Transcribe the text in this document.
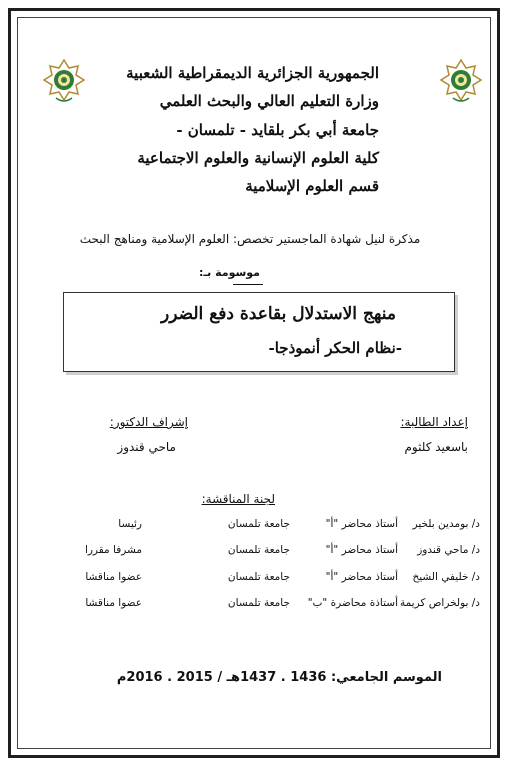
الجمهورية الجزائرية الديمقراطية الشعبية
وزارة التعليم العالي والبحث العلمي
جامعة أبي بكر بلقايد - تلمسان -
كلية العلوم الإنسانية والعلوم الاجتماعية
قسم العلوم الإسلامية
مذكرة لنيل شهادة الماجستير تخصص: العلوم الإسلامية ومناهج البحث
موسومة بـ:
منهج الاستدلال بقاعدة دفع الضرر
-نظام الحكر أنموذجا-
إعداد الطالبة:
باسعيد كلثوم
إشراف الدكتور:
ماحي قندوز
لجنة المناقشة:
د/ بومدين بلخير
أستاذ محاضر "أ"
جامعة تلمسان
رئيسا
د/ ماحي قندوز
أستاذ محاضر "أ"
جامعة تلمسان
مشرفا مقررا
د/ خليفي الشيخ
أستاذ محاضر "أ"
جامعة تلمسان
عضوا مناقشا
د/ بولخراص كريمة
أستاذة محاضرة "ب"
جامعة تلمسان
عضوا مناقشا
الموسم الجامعي: 1436 . 1437هـ / 2015 . 2016م
